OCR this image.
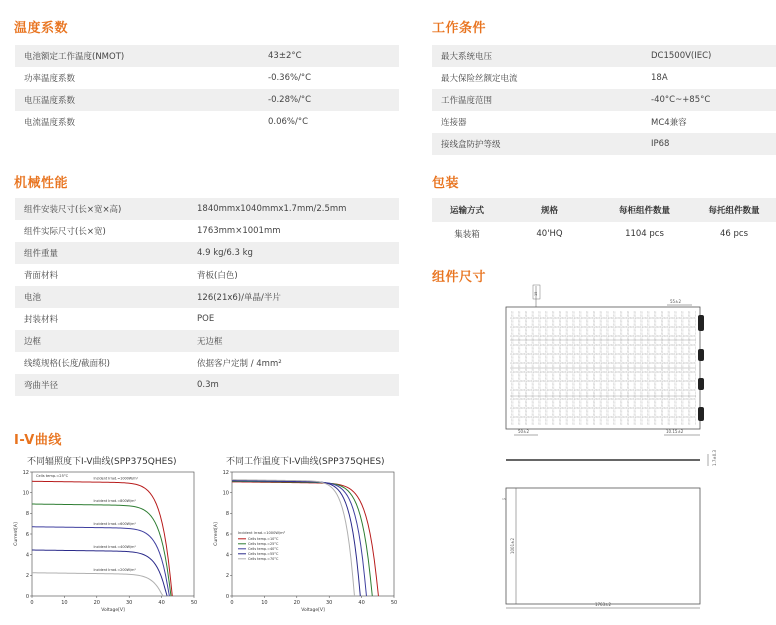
温度系数
电池额定工作温度(NMOT)	43±2°C
功率温度系数	-0.36%/°C
电压温度系数	-0.28%/°C
电流温度系数	0.06%/°C
机械性能
组件安装尺寸(长×宽×高)	1840mmx1040mmx1.7mm/2.5mm
组件实际尺寸(长×宽)	1763mm×1001mm
组件重量	4.9 kg/6.3 kg
背面材料	背板(白色)
电池	126(21x6)/单晶/半片
封装材料	POE
边框	无边框
线缆规格(长度/截面积)	依据客户定制 / 4mm²
弯曲半径	0.3m
I-V曲线
不同辐照度下I-V曲线(SPP375QHES)	不同工作温度下I-V曲线(SPP375QHES)
0	10	20	30	40	50
0
2
4
6
8
10
12
Voltage[V]
Current[A]
Cells temp.=25°C
Incident Irrad.=1000W/m²
Incident Irrad.=800W/m²
Incident Irrad.=600W/m²
Incident Irrad.=400W/m²
Incident Irrad.=200W/m²
0	10	20	30	40	50
0
2
4
6
8
10
12
Voltage[V]
Current[A]	Incident Irrad.=1000W/m²
Cells temp.=10°C
Cells temp.=25°C
Cells temp.=40°C
Cells temp.=55°C
Cells temp.=70°C
工作条件
最大系统电压	DC1500V(IEC)
最大保险丝额定电流	18A
工作温度范围	-40°C~+85°C
连接器	MC4兼容
接线盒防护等级	IP68
包装
运输方式	规格	每柜组件数量	每托组件数量
集装箱	40'HQ	1104 pcs	46 pcs
组件尺寸
15
55±2
50±2	10.15±2
1.7±0.3
1001±2
1763±2
15
